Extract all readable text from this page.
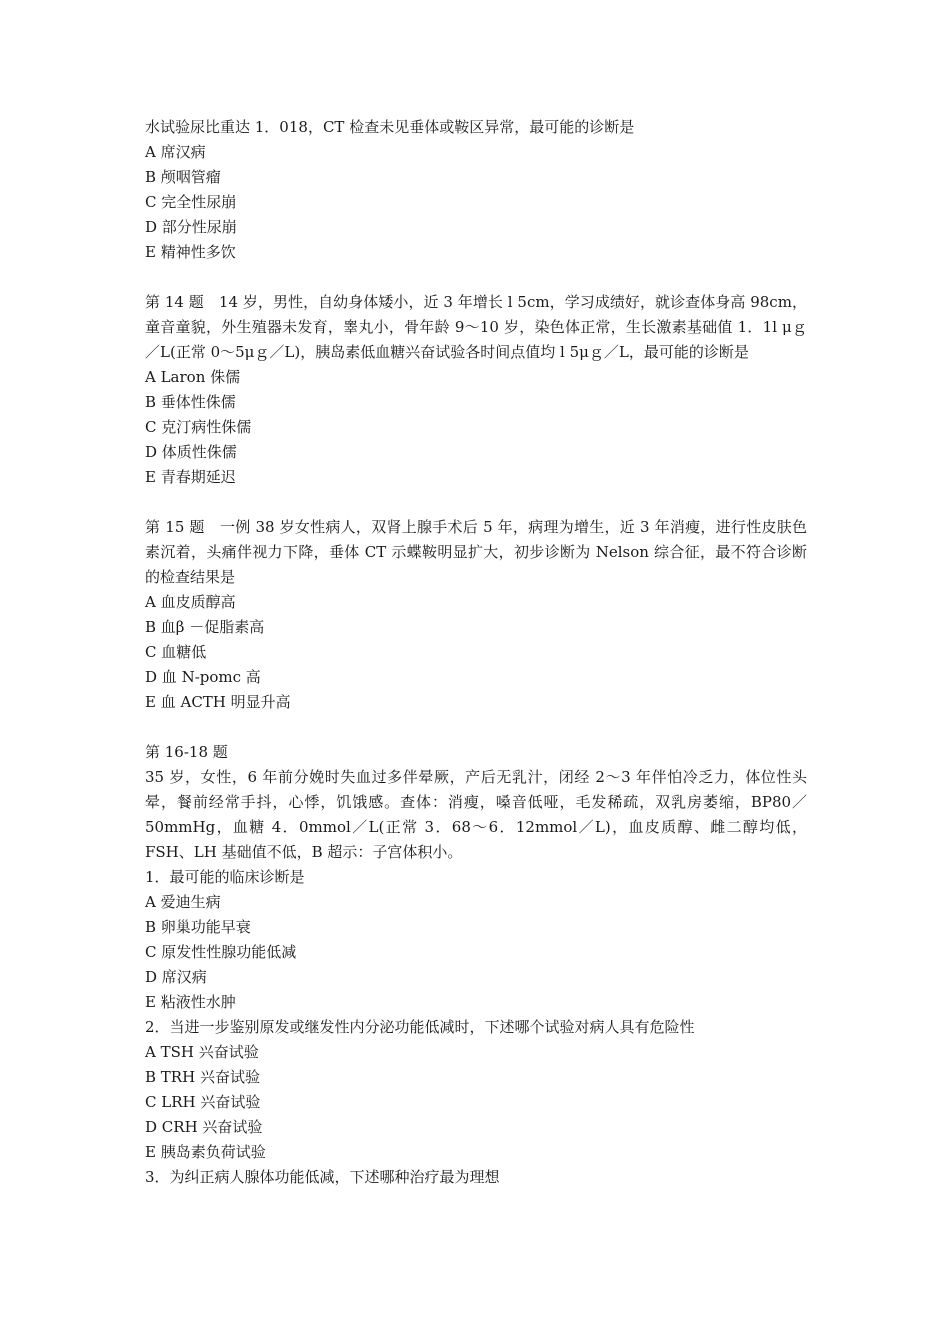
水试验尿比重达 1．018，CT 检查未见垂体或鞍区异常，最可能的诊断是

A 席汉病
B 颅咽管瘤
C 完全性尿崩
D 部分性尿崩
E 精神性多饮

第 14 题　14 岁，男性，自幼身体矮小，近 3 年增长 l 5cm，学习成绩好，就诊查体身高 98cm，童音童貌，外生殖器未发育，睾丸小，骨年龄 9～10 岁，染色体正常，生长激素基础值 1．1l μｇ／L(正常 0～5μｇ／L)，胰岛素低血糖兴奋试验各时间点值均 l 5μｇ／L，最可能的诊断是

A Laron 侏儒
B 垂体性侏儒
C 克汀病性侏儒
D 体质性侏儒
E 青春期延迟

第 15 题　一例 38 岁女性病人，双肾上腺手术后 5 年，病理为增生，近 3 年消瘦，进行性皮肤色素沉着，头痛伴视力下降，垂体 CT 示蝶鞍明显扩大，初步诊断为 Nelson 综合征，最不符合诊断的检查结果是

A 血皮质醇高
B 血β －促脂素高
C 血糖低
D 血 N-pomc 高
E 血 ACTH 明显升高
第 16-18 题

35 岁，女性，6 年前分娩时失血过多伴晕厥，产后无乳汁，闭经 2～3 年伴怕冷乏力，体位性头晕，餐前经常手抖，心悸，饥饿感。查体：消瘦，嗓音低哑，毛发稀疏，双乳房萎缩，BP80／50mmHg，血糖 4．0mmol／L(正常 3．68～6．12mmol／L)，血皮质醇、雌二醇均低，FSH、LH 基础值不低，B 超示：子宫体积小。

1．最可能的临床诊断是
A 爱迪生病
B 卵巢功能早衰
C 原发性性腺功能低减
D 席汉病
E 粘液性水肿
2．当进一步鉴别原发或继发性内分泌功能低减时，下述哪个试验对病人具有危险性
A TSH 兴奋试验
B TRH 兴奋试验
C LRH 兴奋试验
D CRH 兴奋试验
E 胰岛素负荷试验
3．为纠正病人腺体功能低减，下述哪种治疗最为理想
